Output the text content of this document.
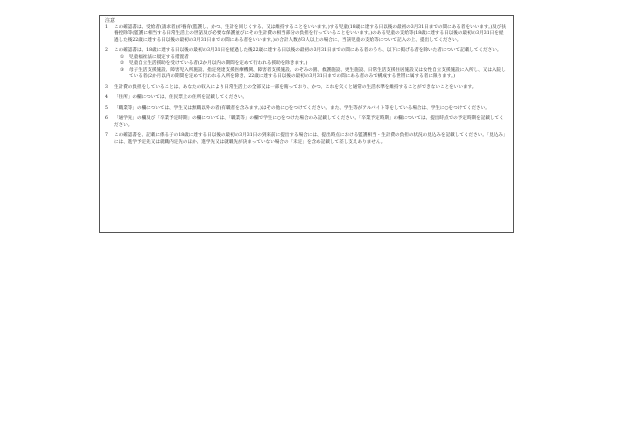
注意
1	この確認書は、受給者(請求者)が養育(監護し、かつ、生計を同じくする、又は維持することをいいます。)する児童(18歳に達する日以後の最初の3月31日までの間にある者をいいます。)及び扶養控除等(監護に相当する日常生活上の世話及び必要な保護並びにその生計費の相当部分の負担を行っていることをいいます。)のある児童の支給等(18歳に達する日以後の最初の3月31日を経過した後22歳に達する日以後の最初の3月31日までの間にある者をいいます。)の合計人数が3人以上の場合に、当該児童の支給等について記入の上、提出してください。
2	この確認書は、18歳に達する日以後の最初の3月31日を経過した後22歳に達する日以後の最初の3月31日までの間にある者のうち、以下に掲げる者を除いた者について記載してください。
①	児童福祉法に規定する措置者
②	児童自立生活援助を受けている者(2か月以内の期間を定めて行われる援助を除きます。)
③	母子生活支援施設、障害児入所施設、指定発達支援医療機関、障害者支援施設、のぞみの園、救護施設、更生施設、日常生活支援住居施設又は女性自立支援施設に入所し、又は入院している者(2か月以内の期間を定めて行われる入所を除き、22歳に達する日以後の最初の3月31日までの間にある者のみで構成する世帯に属する者に限ります。)
3	生計費の負担をしていることは、あなたの収入により日常生活上の全部又は一部を賄っており、かつ、これを欠くと通常の生活水準を維持することができないことをいいます。
4	「住所」の欄については、住民票上の住所を記載してください。
5	「職業等」の欄については、学生又は無職以外の者(有職者を含みます。)はその他に○をつけてください。また、学生等がアルバイト等をしている場合は、学生に○をつけてください。
6	「通学先」の欄及び「卒業予定時期」の欄については、「職業等」の欄で学生に○をつけた場合のみ記載してください。「卒業予定時期」の欄については、提出時点での予定時期を記載してください。
7	この確認書を、記載に係る子の18歳に達する日以後の最初の3月31日の到来前に提出する場合には、提出時点における監護相当・生計費の負担の状況の見込みを記載してください。「見込み」には、進学予定先又は就職内定先のほか、進学先又は就職先が決まっていない場合の「未定」を含め記載して差し支えありません。
